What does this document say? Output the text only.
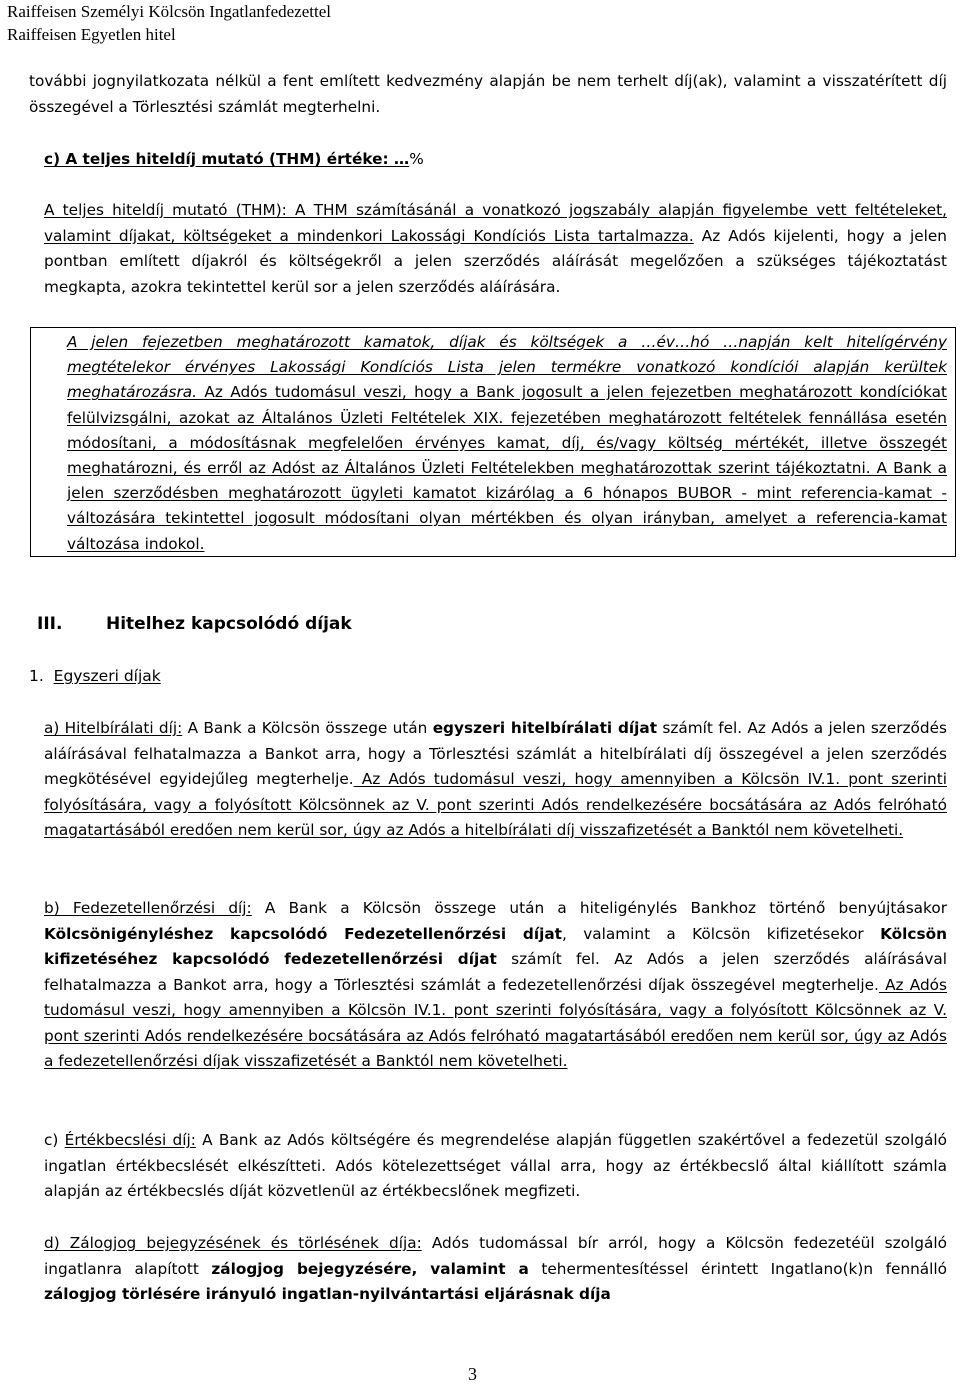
Raiffeisen Személyi Kölcsön Ingatlanfedezettel
Raiffeisen Egyetlen hitel
további jognyilatkozata nélkül a fent említett kedvezmény alapján be nem terhelt díj(ak), valamint a visszatérített díj összegével a Törlesztési számlát megterhelni.
c) A teljes hiteldíj mutató (THM) értéke: …%
A teljes hiteldíj mutató (THM): A THM számításánál a vonatkozó jogszabály alapján figyelembe vett feltételeket, valamint díjakat, költségeket a mindenkori Lakossági Kondíciós Lista tartalmazza. Az Adós kijelenti, hogy a jelen pontban említett díjakról és költségekről a jelen szerződés aláírását megelőzően a szükséges tájékoztatást megkapta, azokra tekintettel kerül sor a jelen szerződés aláírására.
A jelen fejezetben meghatározott kamatok, díjak és költségek a …év…hó …napján kelt hitelígérvény megtételekor érvényes Lakossági Kondíciós Lista jelen termékre vonatkozó kondíciói alapján kerültek meghatározásra. Az Adós tudomásul veszi, hogy a Bank jogosult a jelen fejezetben meghatározott kondíciókat felülvizsgálni, azokat az Általános Üzleti Feltételek XIX. fejezetében meghatározott feltételek fennállása esetén módosítani, a módosításnak megfelelően érvényes kamat, díj, és/vagy költség mértékét, illetve összegét meghatározni, és erről az Adóst az Általános Üzleti Feltételekben meghatározottak szerint tájékoztatni. A Bank a jelen szerződésben meghatározott ügyleti kamatot kizárólag a 6 hónapos BUBOR - mint referencia-kamat - változására tekintettel jogosult módosítani olyan mértékben és olyan irányban, amelyet a referencia-kamat változása indokol.
III.	Hitelhez kapcsolódó díjak
1. Egyszeri díjak
a) Hitelbírálati díj: A Bank a Kölcsön összege után egyszeri hitelbírálati díjat számít fel. Az Adós a jelen szerződés aláírásával felhatalmazza a Bankot arra, hogy a Törlesztési számlát a hitelbírálati díj összegével a jelen szerződés megkötésével egyidejűleg megterhelje. Az Adós tudomásul veszi, hogy amennyiben a Kölcsön IV.1. pont szerinti folyósítására, vagy a folyósított Kölcsönnek az V. pont szerinti Adós rendelkezésére bocsátására az Adós felróható magatartásából eredően nem kerül sor, úgy az Adós a hitelbírálati díj visszafizetését a Banktól nem követelheti.
b) Fedezetellenőrzési díj: A Bank a Kölcsön összege után a hiteligénylés Bankhoz történő benyújtásakor Kölcsönigényléshez kapcsolódó Fedezetellenőrzési díjat, valamint a Kölcsön kifizetésekor Kölcsön kifizetéséhez kapcsolódó fedezetellenőrzési díjat számít fel. Az Adós a jelen szerződés aláírásával felhatalmazza a Bankot arra, hogy a Törlesztési számlát a fedezetellenőrzési díjak összegével megterhelje. Az Adós tudomásul veszi, hogy amennyiben a Kölcsön IV.1. pont szerinti folyósítására, vagy a folyósított Kölcsönnek az V. pont szerinti Adós rendelkezésére bocsátására az Adós felróható magatartásából eredően nem kerül sor, úgy az Adós a fedezetellenőrzési díjak visszafizetését a Banktól nem követelheti.
c) Értékbecslési díj: A Bank az Adós költségére és megrendelése alapján független szakértővel a fedezetül szolgáló ingatlan értékbecslését elkészítteti. Adós kötelezettséget vállal arra, hogy az értékbecslő által kiállított számla alapján az értékbecslés díját közvetlenül az értékbecslőnek megfizeti.
d) Zálogjog bejegyzésének és törlésének díja: Adós tudomással bír arról, hogy a Kölcsön fedezetéül szolgáló ingatlanra alapított zálogjog bejegyzésére, valamint a tehermentesítéssel érintett Ingatlano(k)n fennálló zálogjog törlésére irányuló ingatlan-nyilvántartási eljárásnak díja
3
